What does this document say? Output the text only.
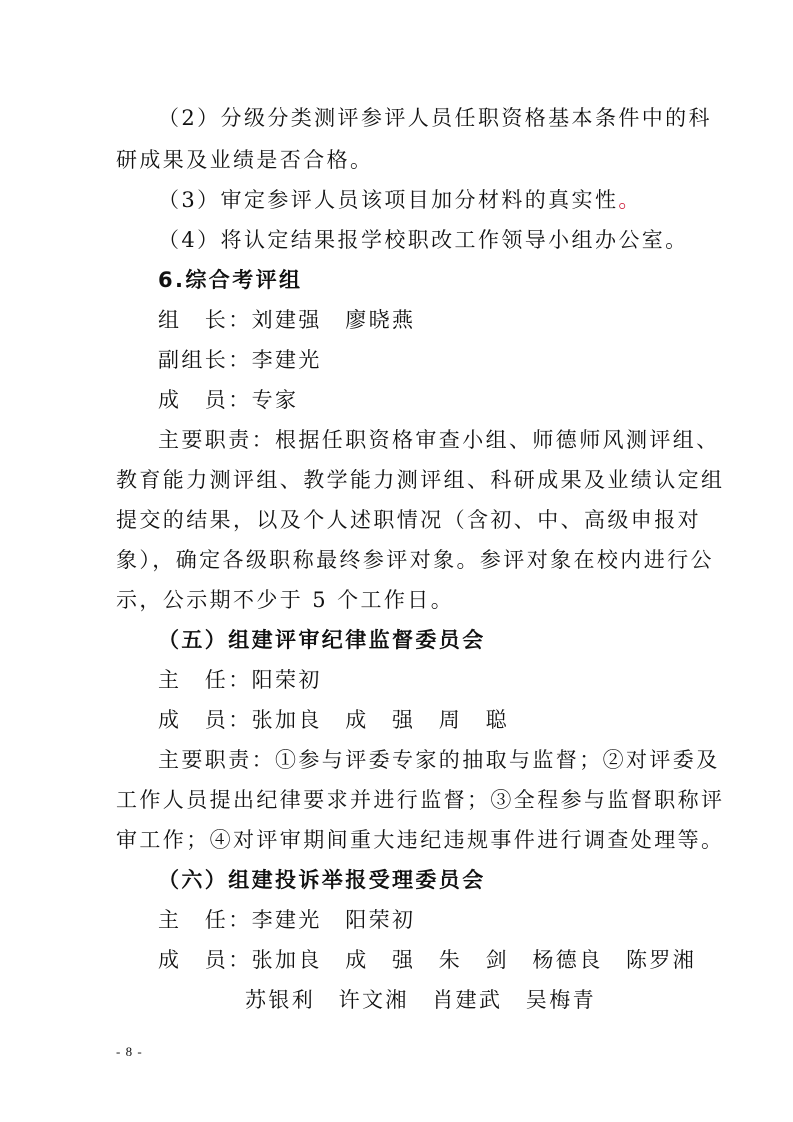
（2）分级分类测评参评人员任职资格基本条件中的科
研成果及业绩是否合格。
（3）审定参评人员该项目加分材料的真实性。
（4）将认定结果报学校职改工作领导小组办公室。
6.综合考评组
组　长：刘建强　廖晓燕
副组长：李建光
成　员：专家
主要职责：根据任职资格审查小组、师德师风测评组、
教育能力测评组、教学能力测评组、科研成果及业绩认定组
提交的结果，以及个人述职情况（含初、中、高级申报对
象），确定各级职称最终参评对象。参评对象在校内进行公
示，公示期不少于 5 个工作日。
（五）组建评审纪律监督委员会
主　任：阳荣初
成　员：张加良　成　强　周　聪
主要职责：①参与评委专家的抽取与监督；②对评委及
工作人员提出纪律要求并进行监督；③全程参与监督职称评
审工作；④对评审期间重大违纪违规事件进行调查处理等。
（六）组建投诉举报受理委员会
主　任：李建光　阳荣初
成　员：张加良　成　强　朱　剑　杨德良　陈罗湘
苏银利　许文湘　肖建武　吴梅青
- 8 -
